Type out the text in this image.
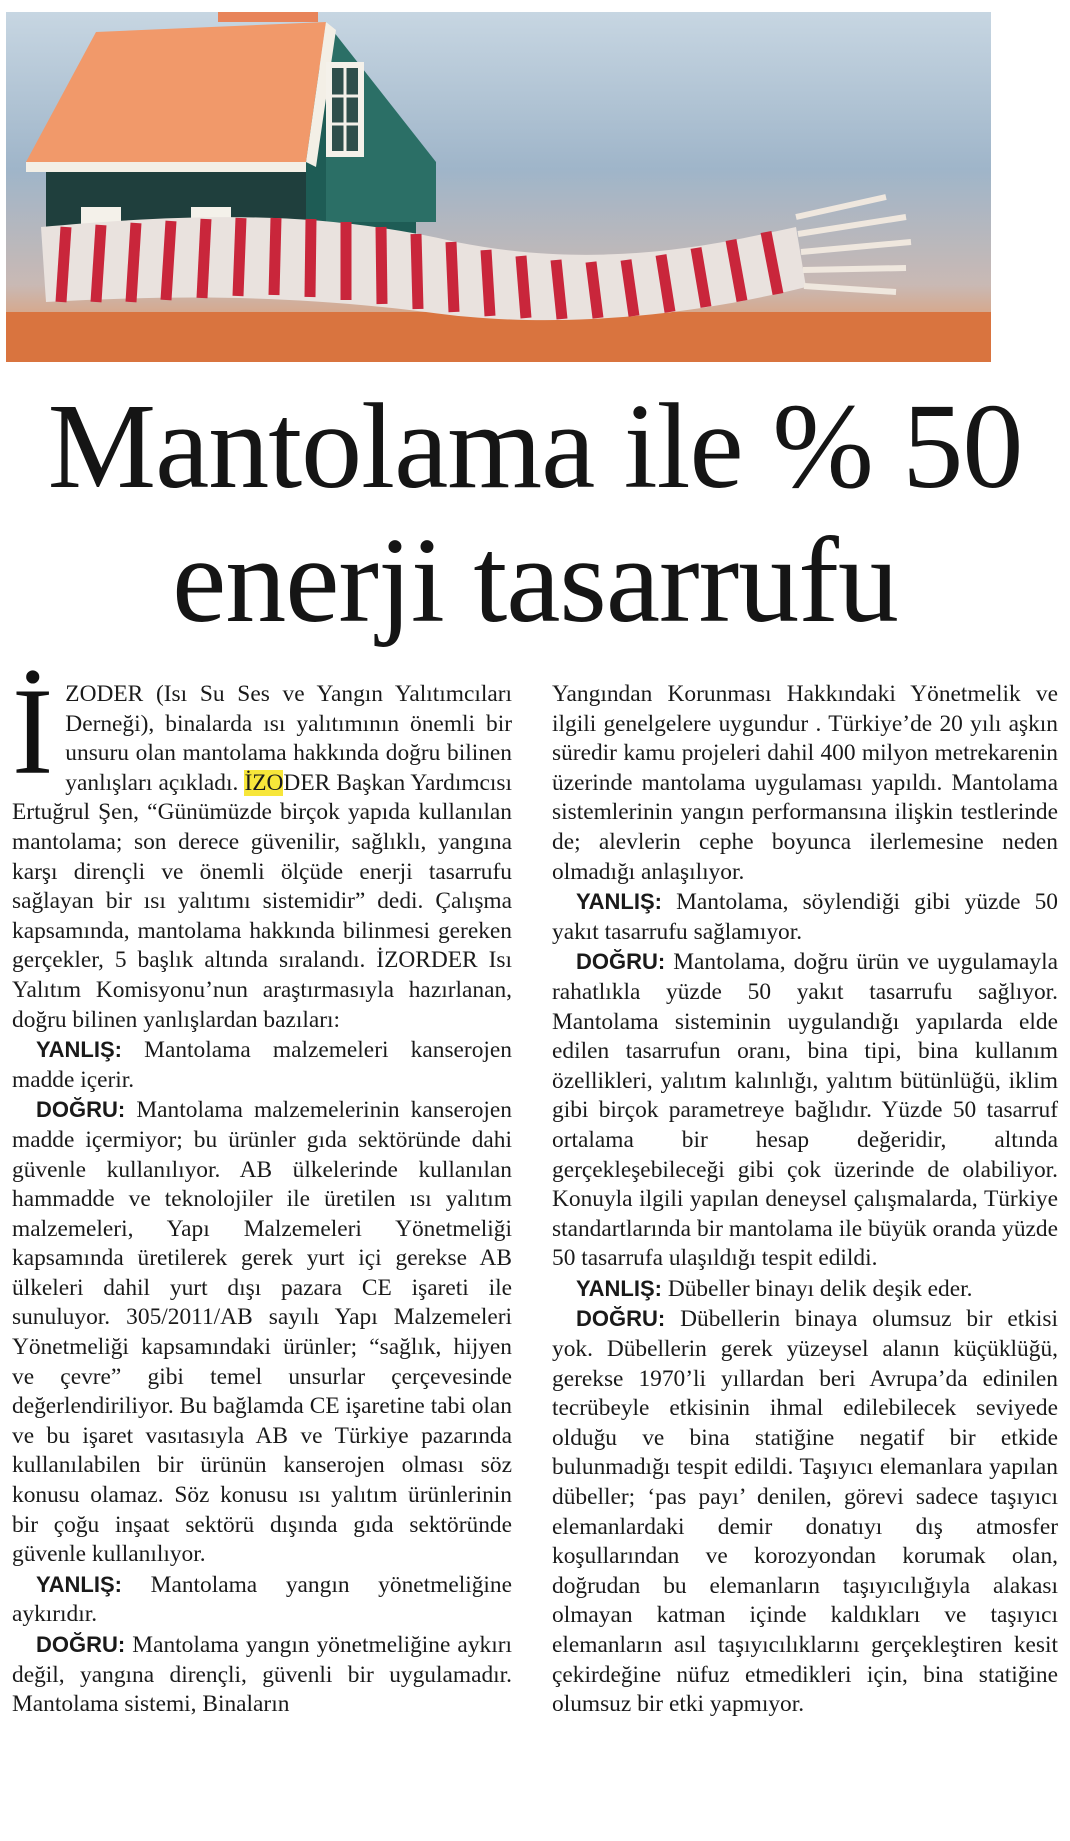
Mantolama ile % 50
enerji tasarrufu

İZODER (Isı Su Ses ve Yangın Yalıtımcıları Derneği), binalarda ısı yalıtımının önemli bir unsuru olan mantolama hakkında doğru bilinen yanlışları açıkladı. İZODER Başkan Yardımcısı Ertuğrul Şen, “Günümüzde birçok yapıda kullanılan mantolama; son derece güvenilir, sağlıklı, yangına karşı dirençli ve önemli ölçüde enerji tasarrufu sağlayan bir ısı yalıtımı sistemidir” dedi. Çalışma kapsamında, mantolama hakkında bilinmesi gereken gerçekler, 5 başlık altında sıralandı. İZORDER Isı Yalıtım Komisyonu’nun araştırmasıyla hazırlanan, doğru bilinen yanlışlardan bazıları:

YANLIŞ: Mantolama malzemeleri kanserojen madde içerir.

DOĞRU: Mantolama malzemelerinin kanserojen madde içermiyor; bu ürünler gıda sektöründe dahi güvenle kullanılıyor. AB ülkelerinde kullanılan hammadde ve teknolojiler ile üretilen ısı yalıtım malzemeleri, Yapı Malzemeleri Yönetmeliği kapsamında üretilerek gerek yurt içi gerekse AB ülkeleri dahil yurt dışı pazara CE işareti ile sunuluyor. 305/2011/AB sayılı Yapı Malzemeleri Yönetmeliği kapsamındaki ürünler; “sağlık, hijyen ve çevre” gibi temel unsurlar çerçevesinde değerlendiriliyor. Bu bağlamda CE işaretine tabi olan ve bu işaret vasıtasıyla AB ve Türkiye pazarında kullanılabilen bir ürünün kanserojen olması söz konusu olamaz. Söz konusu ısı yalıtım ürünlerinin bir çoğu inşaat sektörü dışında gıda sektöründe güvenle kullanılıyor.

YANLIŞ: Mantolama yangın yönetmeliğine aykırıdır.

DOĞRU: Mantolama yangın yönetmeliğine aykırı değil, yangına dirençli, güvenli bir uygulamadır. Mantolama sistemi, Binaların

Yangından Korunması Hakkındaki Yönetmelik ve ilgili genelgelere uygundur . Türkiye’de 20 yılı aşkın süredir kamu projeleri dahil 400 milyon metrekarenin üzerinde mantolama uygulaması yapıldı. Mantolama sistemlerinin yangın performansına ilişkin testlerinde de; alevlerin cephe boyunca ilerlemesine neden olmadığı anlaşılıyor.

YANLIŞ: Mantolama, söylendiği gibi yüzde 50 yakıt tasarrufu sağlamıyor.

DOĞRU: Mantolama, doğru ürün ve uygulamayla rahatlıkla yüzde 50 yakıt tasarrufu sağlıyor. Mantolama sisteminin uygulandığı yapılarda elde edilen tasarrufun oranı, bina tipi, bina kullanım özellikleri, yalıtım kalınlığı, yalıtım bütünlüğü, iklim gibi birçok parametreye bağlıdır. Yüzde 50 tasarruf ortalama bir hesap değeridir, altında gerçekleşebileceği gibi çok üzerinde de olabiliyor. Konuyla ilgili yapılan deneysel çalışmalarda, Türkiye standartlarında bir mantolama ile büyük oranda yüzde 50 tasarrufa ulaşıldığı tespit edildi.

YANLIŞ: Dübeller binayı delik deşik eder.

DOĞRU: Dübellerin binaya olumsuz bir etkisi yok. Dübellerin gerek yüzeysel alanın küçüklüğü, gerekse 1970’li yıllardan beri Avrupa’da edinilen tecrübeyle etkisinin ihmal edilebilecek seviyede olduğu ve bina statiğine negatif bir etkide bulunmadığı tespit edildi. Taşıyıcı elemanlara yapılan dübeller; ‘pas payı’ denilen, görevi sadece taşıyıcı elemanlardaki demir donatıyı dış atmosfer koşullarından ve korozyondan korumak olan, doğrudan bu elemanların taşıyıcılığıyla alakası olmayan katman içinde kaldıkları ve taşıyıcı elemanların asıl taşıyıcılıklarını gerçekleştiren kesit çekirdeğine nüfuz etmedikleri için, bina statiğine olumsuz bir etki yapmıyor.
